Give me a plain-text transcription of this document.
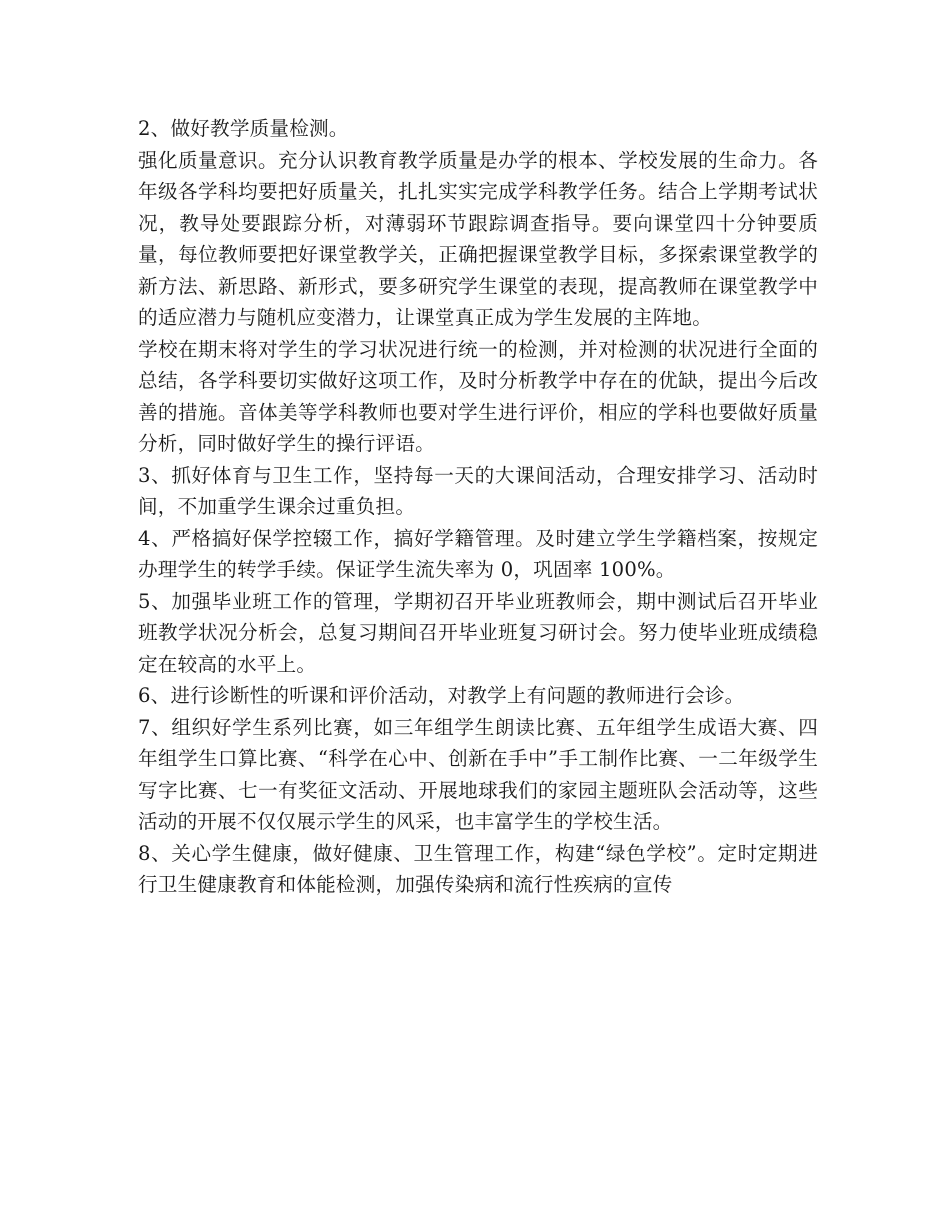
2、做好教学质量检测。

强化质量意识。充分认识教育教学质量是办学的根本、学校发展的生命力。各年级各学科均要把好质量关，扎扎实实完成学科教学任务。结合上学期考试状况，教导处要跟踪分析，对薄弱环节跟踪调查指导。要向课堂四十分钟要质量，每位教师要把好课堂教学关，正确把握课堂教学目标，多探索课堂教学的新方法、新思路、新形式，要多研究学生课堂的表现，提高教师在课堂教学中的适应潜力与随机应变潜力，让课堂真正成为学生发展的主阵地。

学校在期末将对学生的学习状况进行统一的检测，并对检测的状况进行全面的总结，各学科要切实做好这项工作，及时分析教学中存在的优缺，提出今后改善的措施。音体美等学科教师也要对学生进行评价，相应的学科也要做好质量分析，同时做好学生的操行评语。

3、抓好体育与卫生工作，坚持每一天的大课间活动，合理安排学习、活动时间，不加重学生课余过重负担。

4、严格搞好保学控辍工作，搞好学籍管理。及时建立学生学籍档案，按规定办理学生的转学手续。保证学生流失率为 0，巩固率 100%。

5、加强毕业班工作的管理，学期初召开毕业班教师会，期中测试后召开毕业班教学状况分析会，总复习期间召开毕业班复习研讨会。努力使毕业班成绩稳定在较高的水平上。

6、进行诊断性的听课和评价活动，对教学上有问题的教师进行会诊。

7、组织好学生系列比赛，如三年组学生朗读比赛、五年组学生成语大赛、四年组学生口算比赛、“科学在心中、创新在手中”手工制作比赛、一二年级学生写字比赛、七一有奖征文活动、开展地球我们的家园主题班队会活动等，这些活动的开展不仅仅展示学生的风采，也丰富学生的学校生活。

8、关心学生健康，做好健康、卫生管理工作，构建“绿色学校”。定时定期进行卫生健康教育和体能检测，加强传染病和流行性疾病的宣传
